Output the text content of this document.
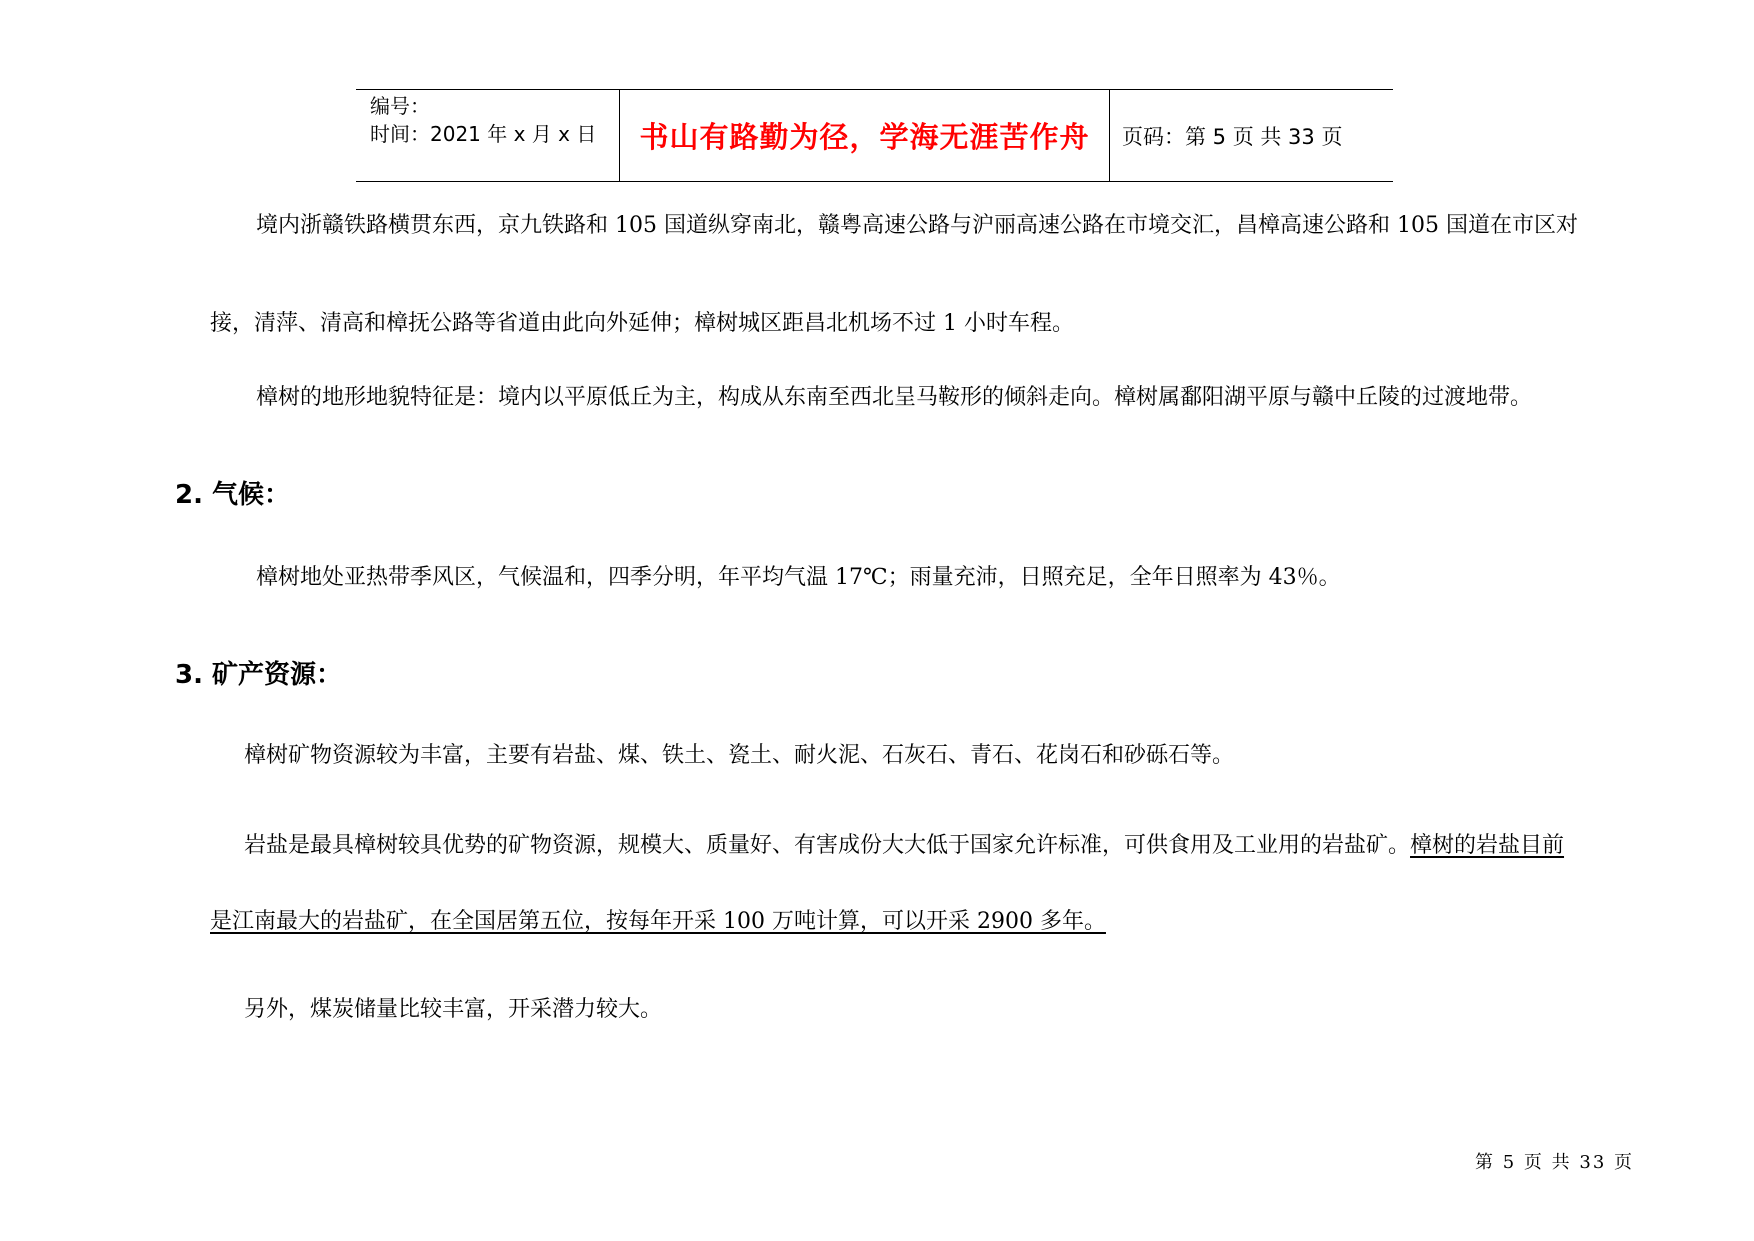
编号：
时间：2021 年 x 月 x 日	书山有路勤为径，学海无涯苦作舟 页码：第 5 页 共 33 页
境内浙赣铁路横贯东西，京九铁路和 105 国道纵穿南北，赣粤高速公路与沪丽高速公路在市境交汇，昌樟高速公路和 105 国道在市区对
接，清萍、清高和樟抚公路等省道由此向外延伸；樟树城区距昌北机场不过 1 小时车程。
樟树的地形地貌特征是：境内以平原低丘为主，构成从东南至西北呈马鞍形的倾斜走向。樟树属鄱阳湖平原与赣中丘陵的过渡地带。
2. 气候：
樟树地处亚热带季风区，气候温和，四季分明，年平均气温 17℃；雨量充沛，日照充足，全年日照率为 43％。
3. 矿产资源：
樟树矿物资源较为丰富，主要有岩盐、煤、铁土、瓷土、耐火泥、石灰石、青石、花岗石和砂砾石等。
岩盐是最具樟树较具优势的矿物资源，规模大、质量好、有害成份大大低于国家允许标准，可供食用及工业用的岩盐矿。樟树的岩盐目前
是江南最大的岩盐矿，在全国居第五位，按每年开采 100 万吨计算，可以开采 2900 多年。
另外，煤炭储量比较丰富，开采潜力较大。
第 5 页 共 33 页
